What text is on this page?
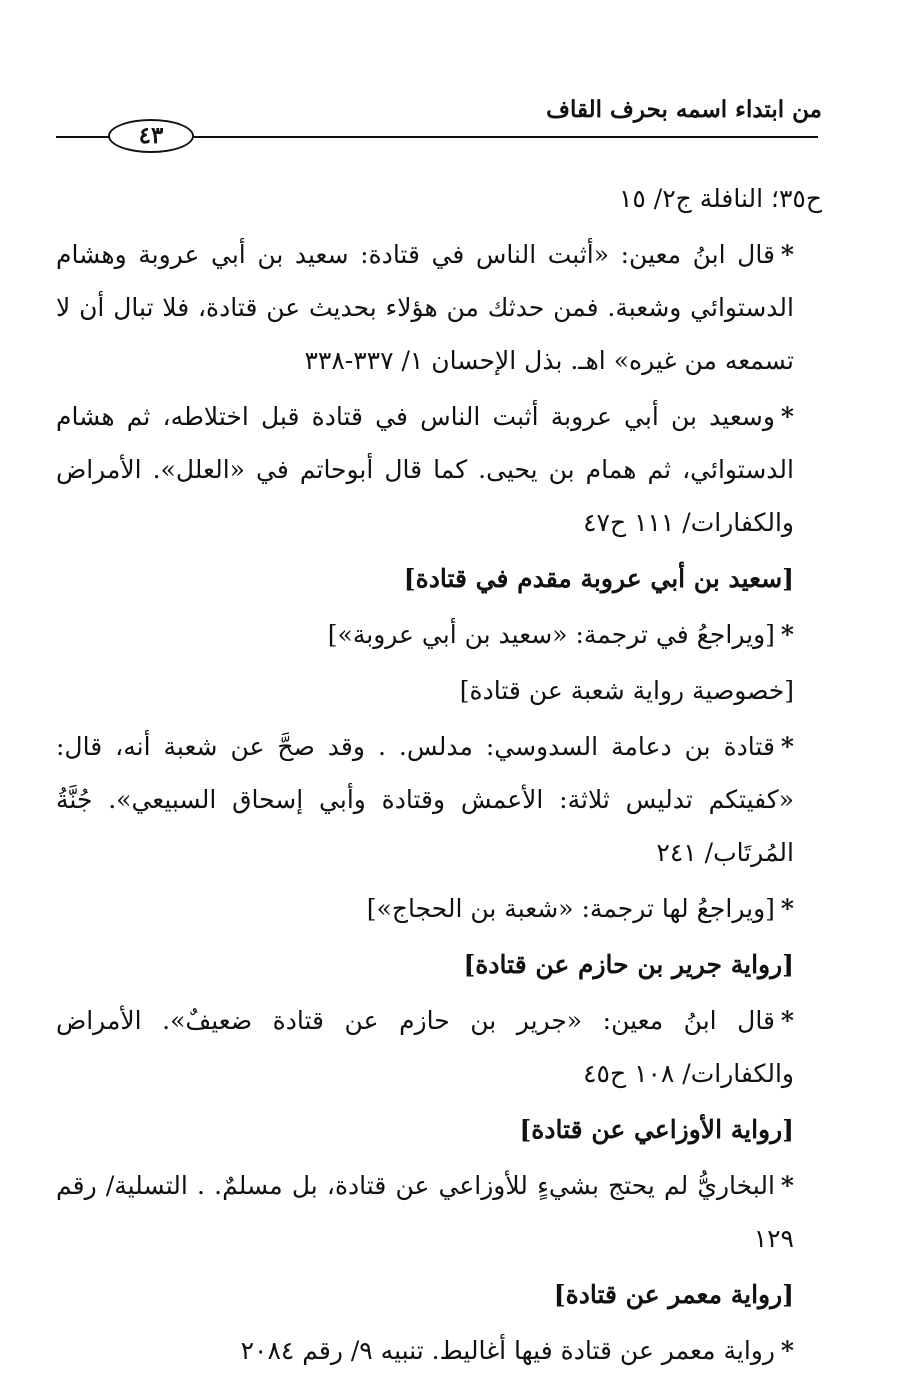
من ابتداء اسمه بحرف القاف
٤٣
ح٣٥؛ النافلة ج٢/ ١٥
*قال ابنُ معين: «أثبت الناس في قتادة: سعيد بن أبي عروبة وهشام الدستوائي وشعبة. فمن حدثك من هؤلاء بحديث عن قتادة، فلا تبال أن لا تسمعه من غيره» اهـ. بذل الإحسان ١/ ٣٣٧-٣٣٨
*وسعيد بن أبي عروبة أثبت الناس في قتادة قبل اختلاطه، ثم هشام الدستوائي، ثم همام بن يحيى. كما قال أبوحاتم في «العلل». الأمراض والكفارات/ ١١١ ح٤٧
[سعيد بن أبي عروبة مقدم في قتادة]
*[ويراجعُ في ترجمة: «سعيد بن أبي عروبة»]
[خصوصية رواية شعبة عن قتادة]
*قتادة بن دعامة السدوسي: مدلس. . وقد صحَّ عن شعبة أنه، قال: «كفيتكم تدليس ثلاثة: الأعمش وقتادة وأبي إسحاق السبيعي». جُنَّةُ المُرتَاب/ ٢٤١
*[ويراجعُ لها ترجمة: «شعبة بن الحجاج»]
[رواية جرير بن حازم عن قتادة]
*قال ابنُ معين: «جرير بن حازم عن قتادة ضعيفٌ». الأمراض والكفارات/ ١٠٨ ح٤٥
[رواية الأوزاعي عن قتادة]
*البخاريُّ لم يحتج بشيءٍ للأوزاعي عن قتادة، بل مسلمٌ. . التسلية/ رقم ١٢٩
[رواية معمر عن قتادة]
*رواية معمر عن قتادة فيها أغاليط. تنبيه ٩/ رقم ٢٠٨٤
